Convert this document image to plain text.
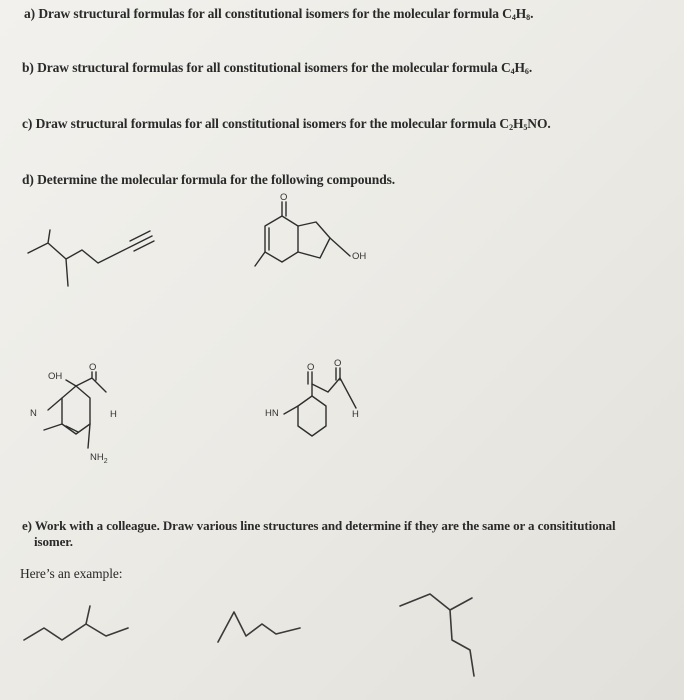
a) Draw structural formulas for all constitutional isomers for the molecular formula $C_4H_8$.
b) Draw structural formulas for all constitutional isomers for the molecular formula $C_4H_6$.
c) Draw structural formulas for all constitutional isomers for the molecular formula $C_2H_5NO$.
d) Determine the molecular formula for the following compounds.
e) Work with a colleague. Draw various line structures and determine if they are the same or a consititutional
isomer.
Here’s an example:
O
OH
OH
O
N	H
$NH_2$
HN
O O
H
